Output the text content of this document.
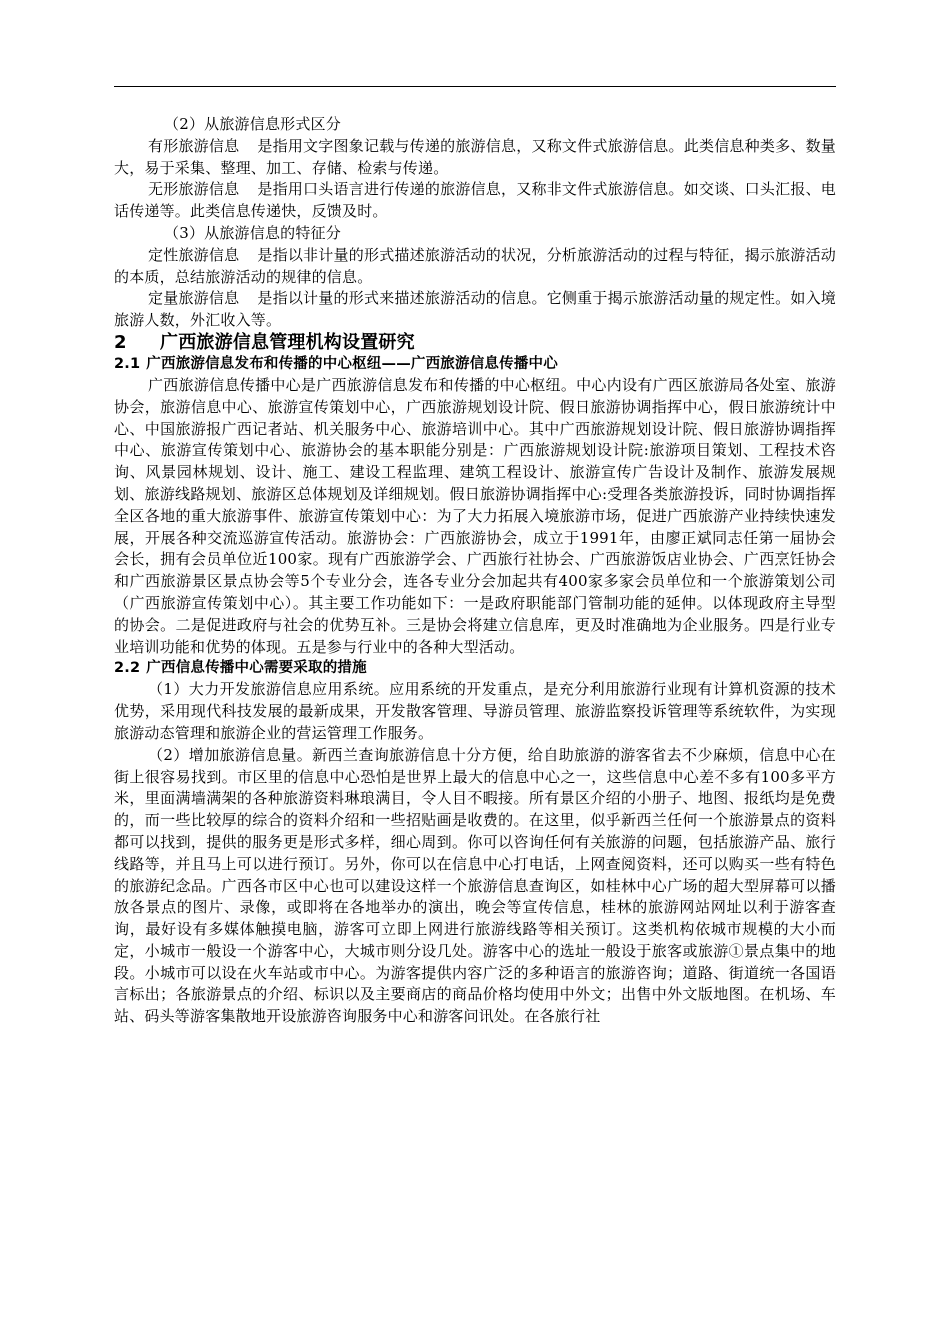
（2）从旅游信息形式区分

有形旅游信息 是指用文字图象记载与传递的旅游信息，又称文件式旅游信息。此类信息种类多、数量大，易于采集、整理、加工、存储、检索与传递。

无形旅游信息 是指用口头语言进行传递的旅游信息，又称非文件式旅游信息。如交谈、口头汇报、电话传递等。此类信息传递快，反馈及时。

（3）从旅游信息的特征分

定性旅游信息 是指以非计量的形式描述旅游活动的状况，分析旅游活动的过程与特征，揭示旅游活动的本质，总结旅游活动的规律的信息。

定量旅游信息 是指以计量的形式来描述旅游活动的信息。它侧重于揭示旅游活动量的规定性。如入境旅游人数，外汇收入等。

2 广西旅游信息管理机构设置研究

2.1 广西旅游信息发布和传播的中心枢纽——广西旅游信息传播中心

广西旅游信息传播中心是广西旅游信息发布和传播的中心枢纽。中心内设有广西区旅游局各处室、旅游协会，旅游信息中心、旅游宣传策划中心，广西旅游规划设计院、假日旅游协调指挥中心，假日旅游统计中心、中国旅游报广西记者站、机关服务中心、旅游培训中心。其中广西旅游规划设计院、假日旅游协调指挥中心、旅游宣传策划中心、旅游协会的基本职能分别是：广西旅游规划设计院:旅游项目策划、工程技术咨询、风景园林规划、设计、施工、建设工程监理、建筑工程设计、旅游宣传广告设计及制作、旅游发展规划、旅游线路规划、旅游区总体规划及详细规划。假日旅游协调指挥中心:受理各类旅游投诉，同时协调指挥全区各地的重大旅游事件、旅游宣传策划中心：为了大力拓展入境旅游市场，促进广西旅游产业持续快速发展，开展各种交流巡游宣传活动。旅游协会：广西旅游协会，成立于1991年，由廖正斌同志任第一届协会会长，拥有会员单位近100家。现有广西旅游学会、广西旅行社协会、广西旅游饭店业协会、广西烹饪协会和广西旅游景区景点协会等5个专业分会，连各专业分会加起共有400家多家会员单位和一个旅游策划公司（广西旅游宣传策划中心）。其主要工作功能如下：一是政府职能部门管制功能的延伸。以体现政府主导型的协会。二是促进政府与社会的优势互补。三是协会将建立信息库，更及时准确地为企业服务。四是行业专业培训功能和优势的体现。五是参与行业中的各种大型活动。

2.2 广西信息传播中心需要采取的措施

（1）大力开发旅游信息应用系统。应用系统的开发重点，是充分利用旅游行业现有计算机资源的技术优势，采用现代科技发展的最新成果，开发散客管理、导游员管理、旅游监察投诉管理等系统软件，为实现旅游动态管理和旅游企业的营运管理工作服务。

（2）增加旅游信息量。新西兰查询旅游信息十分方便，给自助旅游的游客省去不少麻烦，信息中心在街上很容易找到。市区里的信息中心恐怕是世界上最大的信息中心之一，这些信息中心差不多有100多平方米，里面满墙满架的各种旅游资料琳琅满目，令人目不暇接。所有景区介绍的小册子、地图、报纸均是免费的，而一些比较厚的综合的资料介绍和一些招贴画是收费的。在这里，似乎新西兰任何一个旅游景点的资料都可以找到，提供的服务更是形式多样，细心周到。你可以咨询任何有关旅游的问题，包括旅游产品、旅行线路等，并且马上可以进行预订。另外，你可以在信息中心打电话，上网查阅资料，还可以购买一些有特色的旅游纪念品。广西各市区中心也可以建设这样一个旅游信息查询区，如桂林中心广场的超大型屏幕可以播放各景点的图片、录像，或即将在各地举办的演出，晚会等宣传信息，桂林的旅游网站网址以利于游客查询，最好设有多媒体触摸电脑，游客可立即上网进行旅游线路等相关预订。这类机构依城市规模的大小而定，小城市一般设一个游客中心，大城市则分设几处。游客中心的选址一般设于旅客或旅游①景点集中的地段。小城市可以设在火车站或市中心。为游客提供内容广泛的多种语言的旅游咨询；道路、街道统一各国语言标出；各旅游景点的介绍、标识以及主要商店的商品价格均使用中外文；出售中外文版地图。在机场、车站、码头等游客集散地开设旅游咨询服务中心和游客问讯处。在各旅行社
